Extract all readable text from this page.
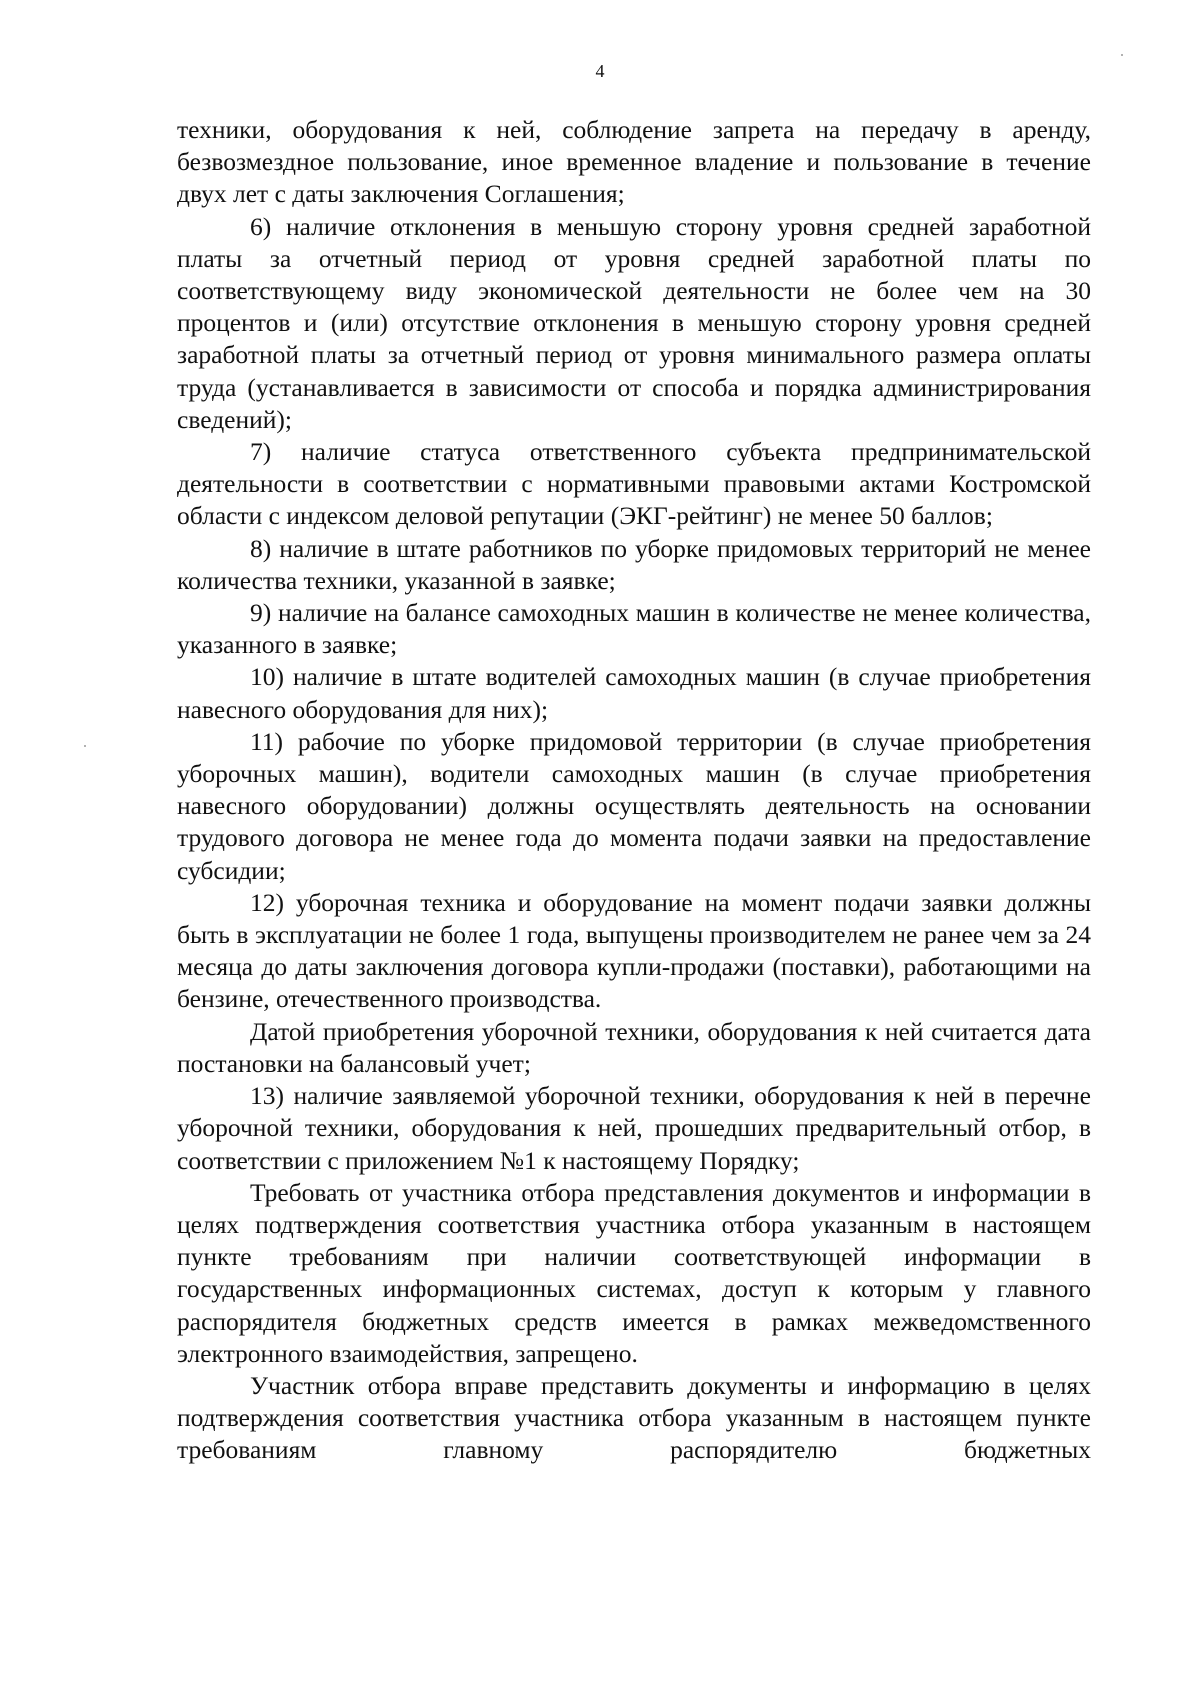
4

техники, оборудования к ней, соблюдение запрета на передачу в аренду, безвозмездное пользование, иное временное владение и пользование в течение двух лет с даты заключения Соглашения;

6) наличие отклонения в меньшую сторону уровня средней заработной платы за отчетный период от уровня средней заработной платы по соответствующему виду экономической деятельности не более чем на 30 процентов и (или) отсутствие отклонения в меньшую сторону уровня средней заработной платы за отчетный период от уровня минимального размера оплаты труда (устанавливается в зависимости от способа и порядка администрирования сведений);

7) наличие статуса ответственного субъекта предпринимательской деятельности в соответствии с нормативными правовыми актами Костромской области с индексом деловой репутации (ЭКГ-рейтинг) не менее 50 баллов;

8) наличие в штате работников по уборке придомовых территорий не менее количества техники, указанной в заявке;

9) наличие на балансе самоходных машин в количестве не менее количества, указанного в заявке;

10) наличие в штате водителей самоходных машин (в случае приобретения навесного оборудования для них);

11) рабочие по уборке придомовой территории (в случае приобретения уборочных машин), водители самоходных машин (в случае приобретения навесного оборудовании) должны осуществлять деятельность на основании трудового договора не менее года до момента подачи заявки на предоставление субсидии;

12) уборочная техника и оборудование на момент подачи заявки должны быть в эксплуатации не более 1 года, выпущены производителем не ранее чем за 24 месяца до даты заключения договора купли-продажи (поставки), работающими на бензине, отечественного производства.

Датой приобретения уборочной техники, оборудования к ней считается дата постановки на балансовый учет;

13) наличие заявляемой уборочной техники, оборудования к ней в перечне уборочной техники, оборудования к ней, прошедших предварительный отбор, в соответствии с приложением №1 к настоящему Порядку;

Требовать от участника отбора представления документов и информации в целях подтверждения соответствия участника отбора указанным в настоящем пункте требованиям при наличии соответствующей информации в государственных информационных системах, доступ к которым у главного распорядителя бюджетных средств имеется в рамках межведомственного электронного взаимодействия, запрещено.

Участник отбора вправе представить документы и информацию в целях подтверждения соответствия участника отбора указанным в настоящем пункте требованиям главному распорядителю бюджетных
